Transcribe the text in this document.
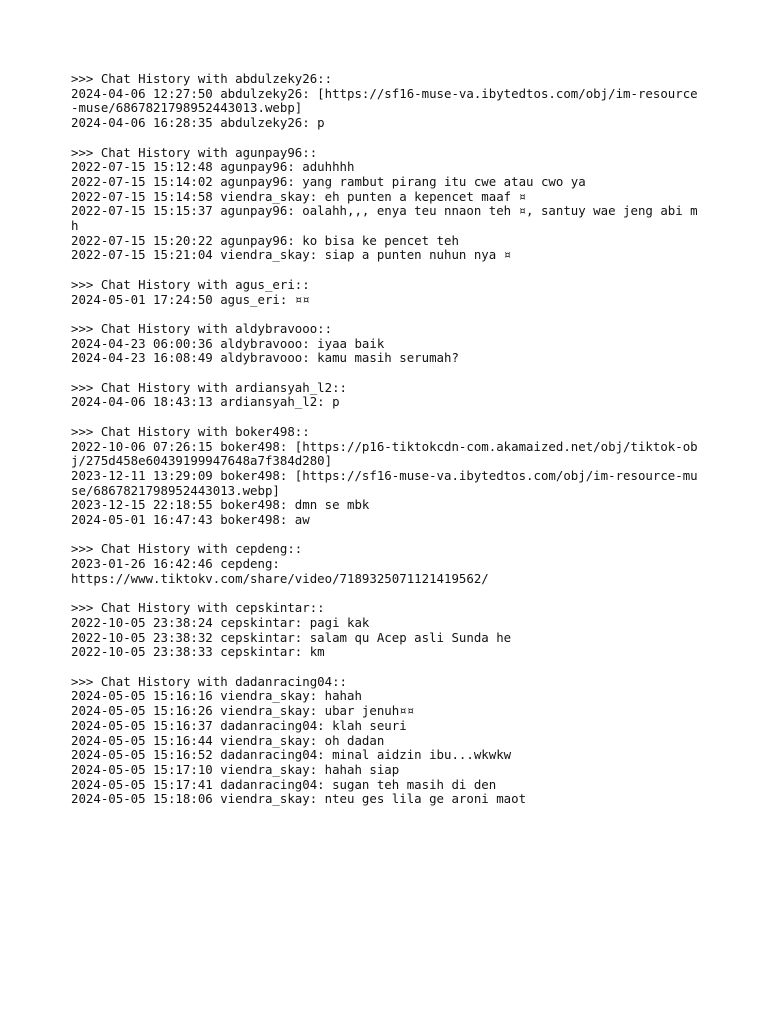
>>> Chat History with abdulzeky26::
2024-04-06 12:27:50 abdulzeky26: [https://sf16-muse-va.ibytedtos.com/obj/im-resource-muse/6867821798952443013.webp]
2024-04-06 16:28:35 abdulzeky26: p
>>> Chat History with agunpay96::
2022-07-15 15:12:48 agunpay96: aduhhhh
2022-07-15 15:14:02 agunpay96: yang rambut pirang itu cwe atau cwo ya
2022-07-15 15:14:58 viendra_skay: eh punten a kepencet maaf ¤
2022-07-15 15:15:37 agunpay96: oalahh,,, enya teu nnaon teh ¤, santuy wae jeng abi mh
2022-07-15 15:20:22 agunpay96: ko bisa ke pencet teh
2022-07-15 15:21:04 viendra_skay: siap a punten nuhun nya ¤
>>> Chat History with agus_eri::
2024-05-01 17:24:50 agus_eri: ¤¤
>>> Chat History with aldybravooo::
2024-04-23 06:00:36 aldybravooo: iyaa baik
2024-04-23 16:08:49 aldybravooo: kamu masih serumah?
>>> Chat History with ardiansyah_l2::
2024-04-06 18:43:13 ardiansyah_l2: p
>>> Chat History with boker498::
2022-10-06 07:26:15 boker498: [https://p16-tiktokcdn-com.akamaized.net/obj/tiktok-obj/275d458e60439199947648a7f384d280]
2023-12-11 13:29:09 boker498: [https://sf16-muse-va.ibytedtos.com/obj/im-resource-muse/6867821798952443013.webp]
2023-12-15 22:18:55 boker498: dmn se mbk
2024-05-01 16:47:43 boker498: aw
>>> Chat History with cepdeng::
2023-01-26 16:42:46 cepdeng:
https://www.tiktokv.com/share/video/7189325071121419562/
>>> Chat History with cepskintar::
2022-10-05 23:38:24 cepskintar: pagi kak
2022-10-05 23:38:32 cepskintar: salam qu Acep asli Sunda he
2022-10-05 23:38:33 cepskintar: km
>>> Chat History with dadanracing04::
2024-05-05 15:16:16 viendra_skay: hahah
2024-05-05 15:16:26 viendra_skay: ubar jenuh¤¤
2024-05-05 15:16:37 dadanracing04: klah seuri
2024-05-05 15:16:44 viendra_skay: oh dadan
2024-05-05 15:16:52 dadanracing04: minal aidzin ibu...wkwkw
2024-05-05 15:17:10 viendra_skay: hahah siap
2024-05-05 15:17:41 dadanracing04: sugan teh masih di den
2024-05-05 15:18:06 viendra_skay: nteu ges lila ge aroni maot
